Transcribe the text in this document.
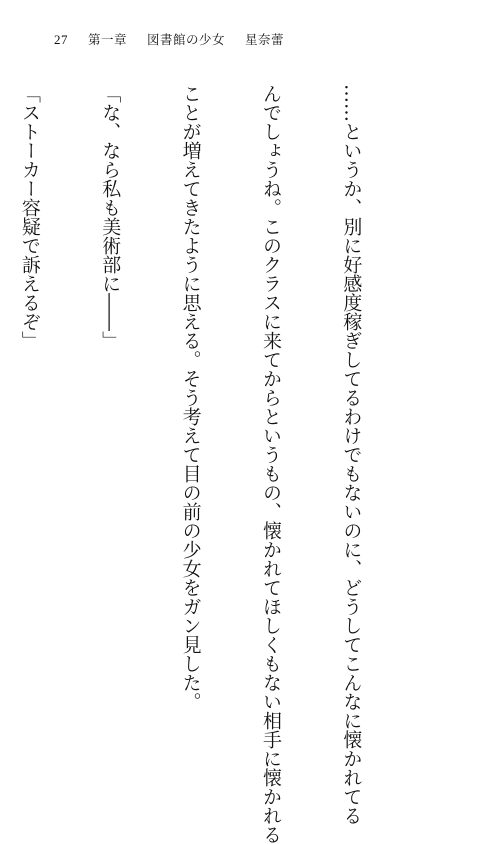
27 第一章 図書館の少女 星奈蕾

……というか、別に好感度稼ぎしてるわけでもないのに、どうしてこんなに懐かれてる

んでしょうね。このクラスに来てからというもの、懐かれてほしくもない相手に懐かれる

ことが増えてきたように思える。そう考えて目の前の少女をガン見した。

「な、なら私も美術部に――」

「ストーカー容疑で訴えるぞ」
